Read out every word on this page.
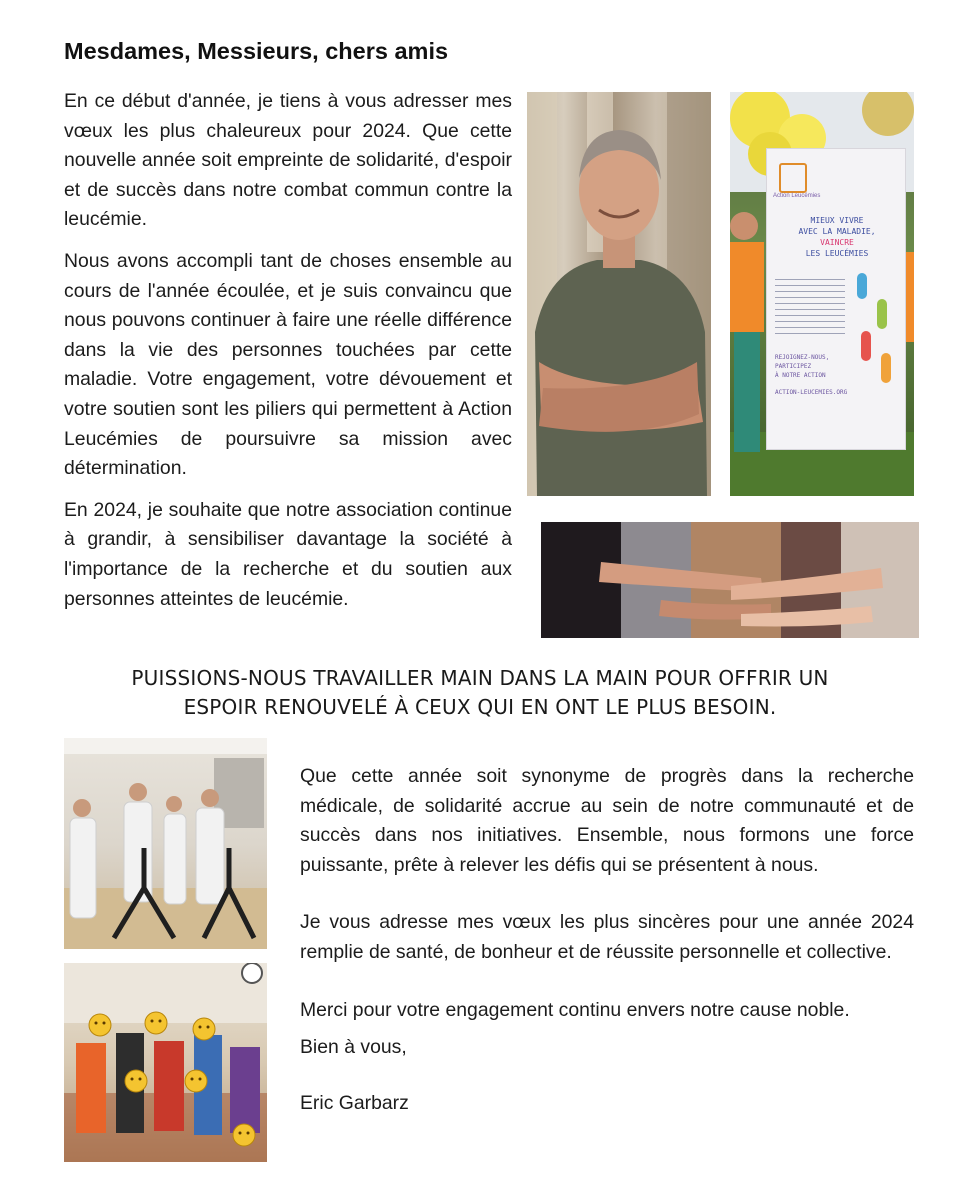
Mesdames, Messieurs, chers amis

En ce début d'année, je tiens à vous adresser mes vœux les plus chaleureux pour 2024. Que cette nouvelle année soit empreinte de solidarité, d'espoir et de succès dans notre combat commun contre la leucémie.

Nous avons accompli tant de choses ensemble au cours de l'année écoulée, et je suis convaincu que nous pouvons continuer à faire une réelle différence dans la vie des personnes touchées par cette maladie. Votre engagement, votre dévouement et votre soutien sont les piliers qui permettent à Action Leucémies de poursuivre sa mission avec détermination.

En 2024, je souhaite que notre association continue à grandir, à sensibiliser davantage la société à l'importance de la recherche et du soutien aux personnes atteintes de leucémie.

Action Leucémies
MIEUX VIVRE
AVEC LA MALADIE,
VAINCRE
LES LEUCÉMIES
REJOIGNEZ-NOUS,
PARTICIPEZ
À NOTRE ACTION
ACTION-LEUCEMIES.ORG
PUISSIONS-NOUS TRAVAILLER MAIN DANS LA MAIN POUR OFFRIR UN
ESPOIR RENOUVELÉ À CEUX QUI EN ONT LE PLUS BESOIN.

Que cette année soit synonyme de progrès dans la recherche médicale, de solidarité accrue au sein de notre communauté et de succès dans nos initiatives. Ensemble, nous formons une force puissante, prête à relever les défis qui se présentent à nous.

Je vous adresse mes vœux les plus sincères pour une année 2024 remplie de santé, de bonheur et de réussite personnelle et collective.

Merci pour votre engagement continu envers notre cause noble.

Bien à vous,

Eric Garbarz
